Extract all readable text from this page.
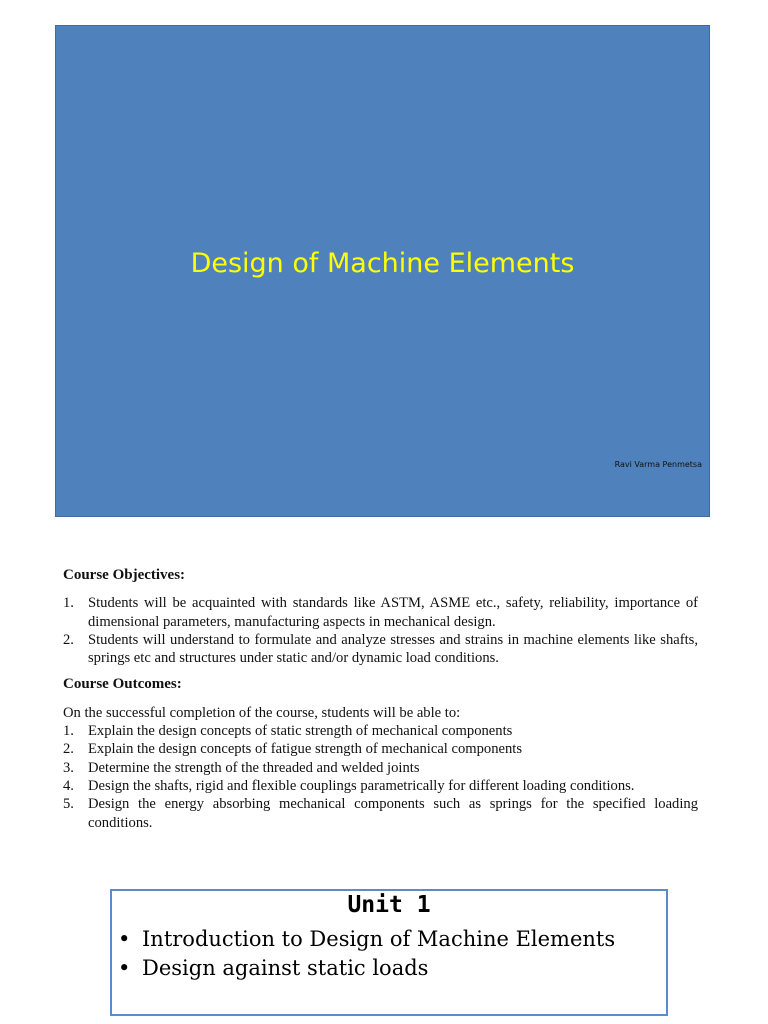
Design of Machine Elements
Ravi Varma Penmetsa
Course Objectives:
1. Students will be acquainted with standards like ASTM, ASME etc., safety, reliability, importance of dimensional parameters, manufacturing aspects in mechanical design.
2. Students will understand to formulate and analyze stresses and strains in machine elements like shafts, springs etc and structures under static and/or dynamic load conditions.
Course Outcomes:

On the successful completion of the course, students will be able to:

1. Explain the design concepts of static strength of mechanical components
2. Explain the design concepts of fatigue strength of mechanical components
3. Determine the strength of the threaded and welded joints
4. Design the shafts, rigid and flexible couplings parametrically for different loading conditions.
5. Design the energy absorbing mechanical components such as springs for the specified loading conditions.
Unit 1
• Introduction to Design of Machine Elements
• Design against static loads
